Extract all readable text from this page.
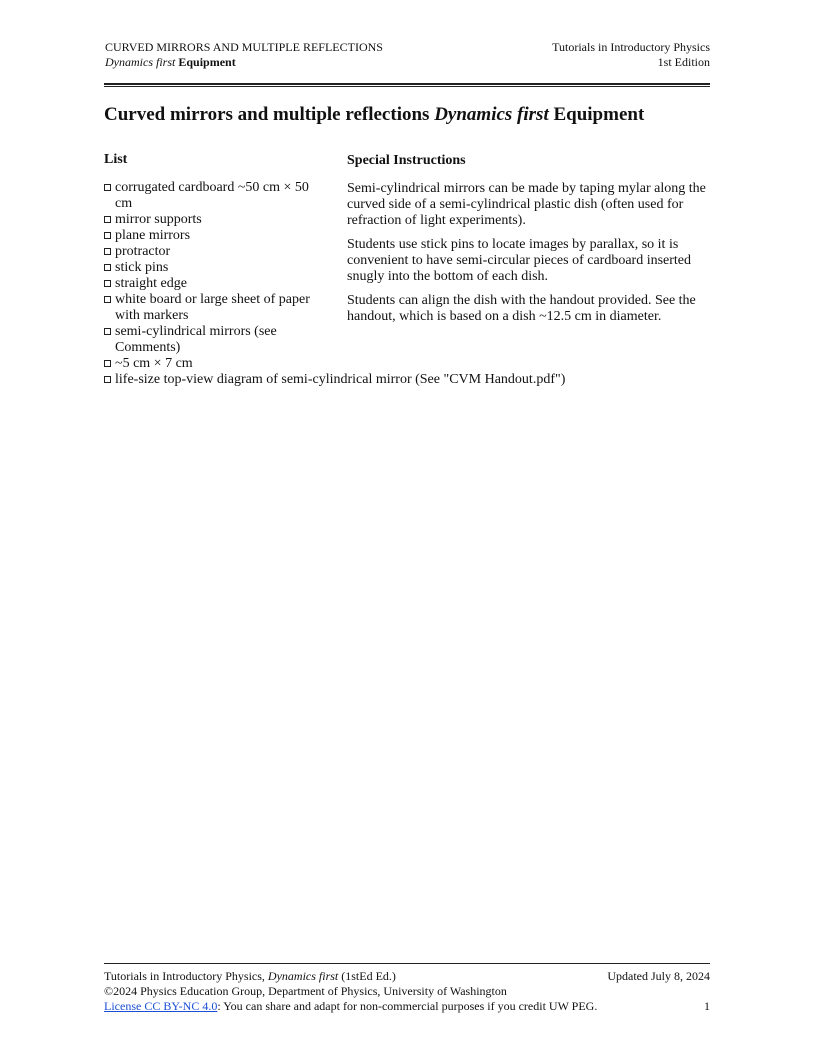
CURVED MIRRORS AND MULTIPLE REFLECTIONS
Dynamics first Equipment
Tutorials in Introductory Physics
1st Edition
Curved mirrors and multiple reflections Dynamics first Equipment
List
corrugated cardboard ~50 cm × 50 cm
mirror supports
plane mirrors
protractor
stick pins
straight edge
white board or large sheet of paper with markers
semi-cylindrical mirrors (see Comments)
~5 cm × 7 cm
life-size top-view diagram of semi-cylindrical mirror (See "CVM Handout.pdf")
Special Instructions

Semi-cylindrical mirrors can be made by taping mylar along the curved side of a semi-cylindrical plastic dish (often used for refraction of light experiments).

Students use stick pins to locate images by parallax, so it is convenient to have semi-circular pieces of cardboard inserted snugly into the bottom of each dish.

Students can align the dish with the handout provided. See the handout, which is based on a dish ~12.5 cm in diameter.

Tutorials in Introductory Physics, Dynamics first (1stEd Ed.)	Updated July 8, 2024
©2024 Physics Education Group, Department of Physics, University of Washington
License CC BY-NC 4.0: You can share and adapt for non-commercial purposes if you credit UW PEG.	1
